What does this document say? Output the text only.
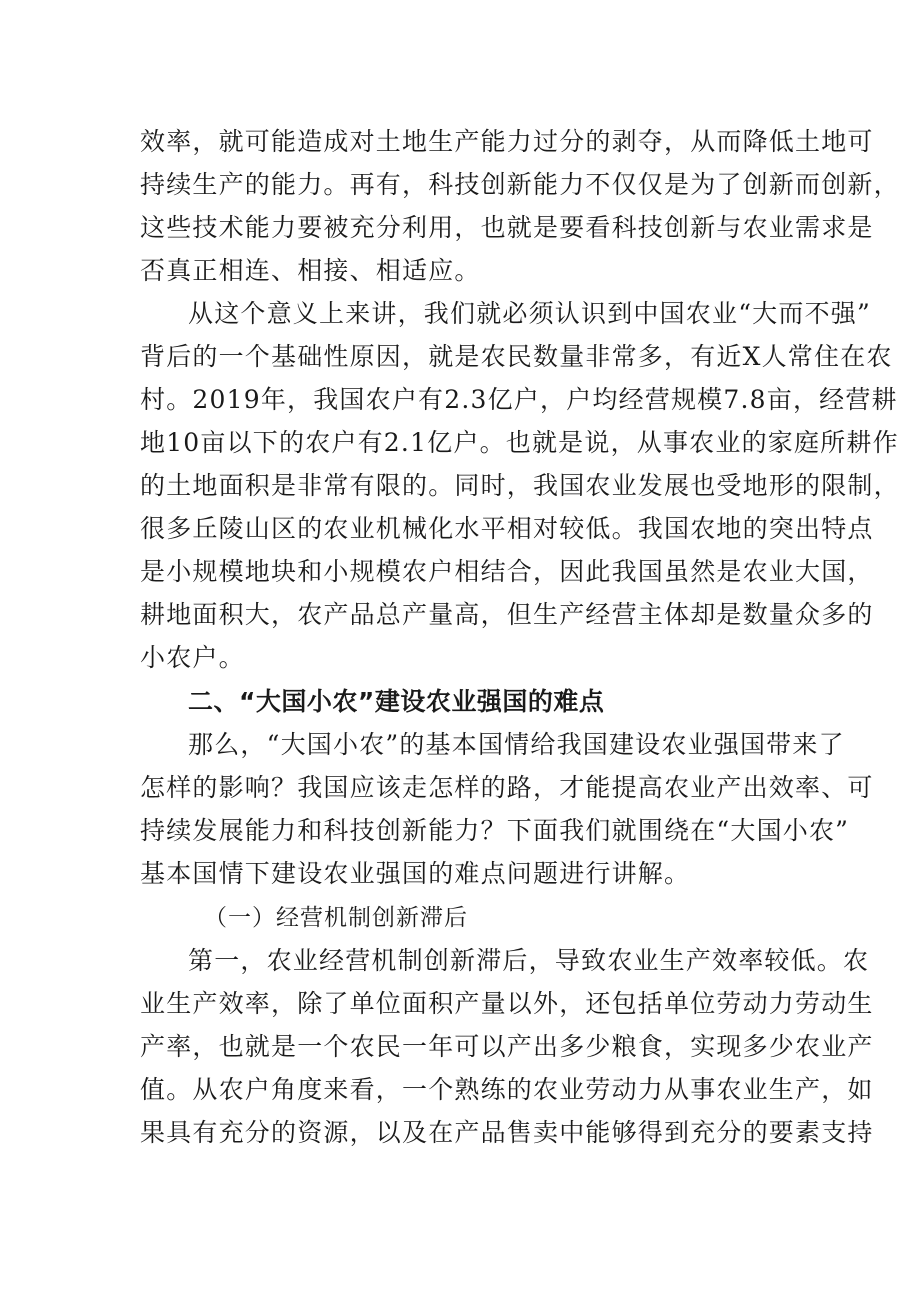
效率，就可能造成对土地生产能力过分的剥夺，从而降低土地可
持续生产的能力。再有，科技创新能力不仅仅是为了创新而创新，
这些技术能力要被充分利用，也就是要看科技创新与农业需求是
否真正相连、相接、相适应。
从这个意义上来讲，我们就必须认识到中国农业“大而不强”
背后的一个基础性原因，就是农民数量非常多，有近X人常住在农
村。2019年，我国农户有2.3亿户，户均经营规模7.8亩，经营耕
地10亩以下的农户有2.1亿户。也就是说，从事农业的家庭所耕作
的土地面积是非常有限的。同时，我国农业发展也受地形的限制，
很多丘陵山区的农业机械化水平相对较低。我国农地的突出特点
是小规模地块和小规模农户相结合，因此我国虽然是农业大国，
耕地面积大，农产品总产量高，但生产经营主体却是数量众多的
小农户。
二、“大国小农”建设农业强国的难点
那么，“大国小农”的基本国情给我国建设农业强国带来了
怎样的影响？我国应该走怎样的路，才能提高农业产出效率、可
持续发展能力和科技创新能力？下面我们就围绕在“大国小农”
基本国情下建设农业强国的难点问题进行讲解。
（一）经营机制创新滞后
第一，农业经营机制创新滞后，导致农业生产效率较低。农
业生产效率，除了单位面积产量以外，还包括单位劳动力劳动生
产率，也就是一个农民一年可以产出多少粮食，实现多少农业产
值。从农户角度来看，一个熟练的农业劳动力从事农业生产，如
果具有充分的资源，以及在产品售卖中能够得到充分的要素支持
